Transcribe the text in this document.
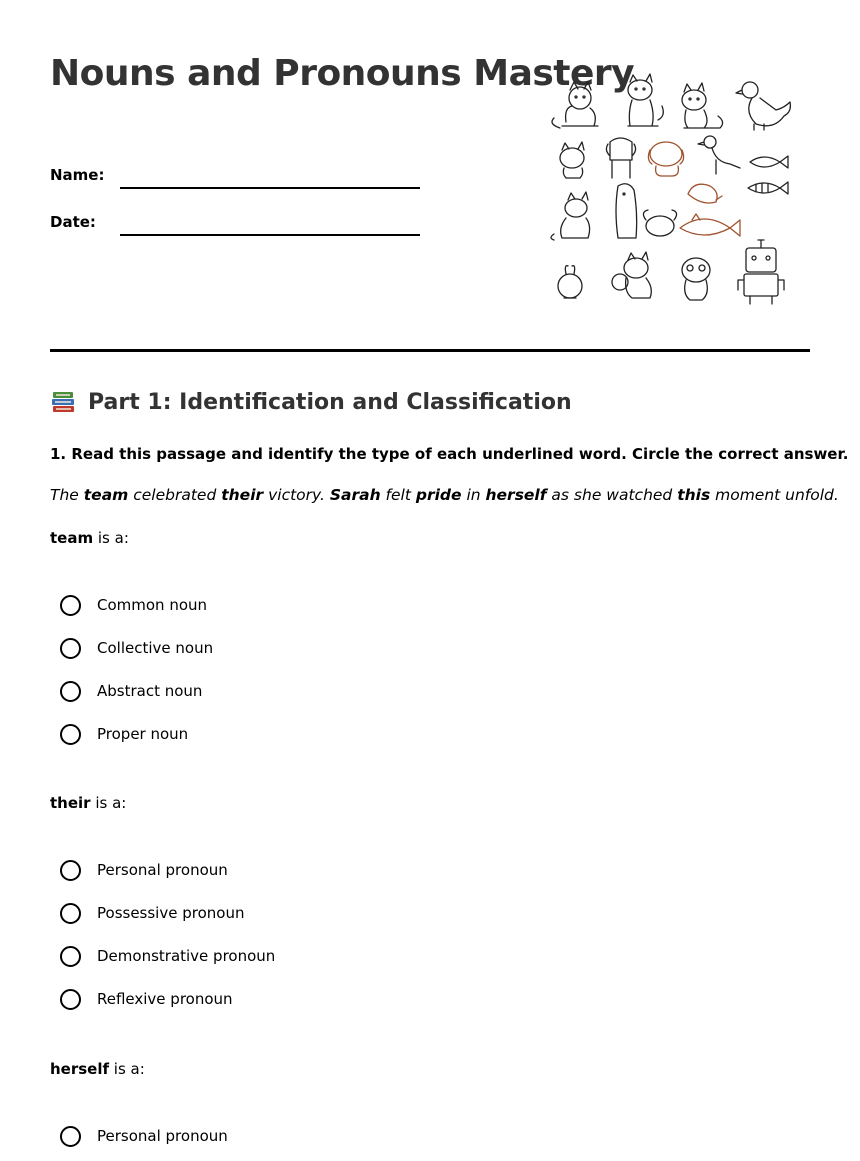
Nouns and Pronouns Mastery
Name:
Date:
Part 1: Identification and Classification
1. Read this passage and identify the type of each underlined word. Circle the correct answer.
The team celebrated their victory. Sarah felt pride in herself as she watched this moment unfold.
team is a:
Common noun
Collective noun
Abstract noun
Proper noun
their is a:
Personal pronoun
Possessive pronoun
Demonstrative pronoun
Reflexive pronoun
herself is a:
Personal pronoun
